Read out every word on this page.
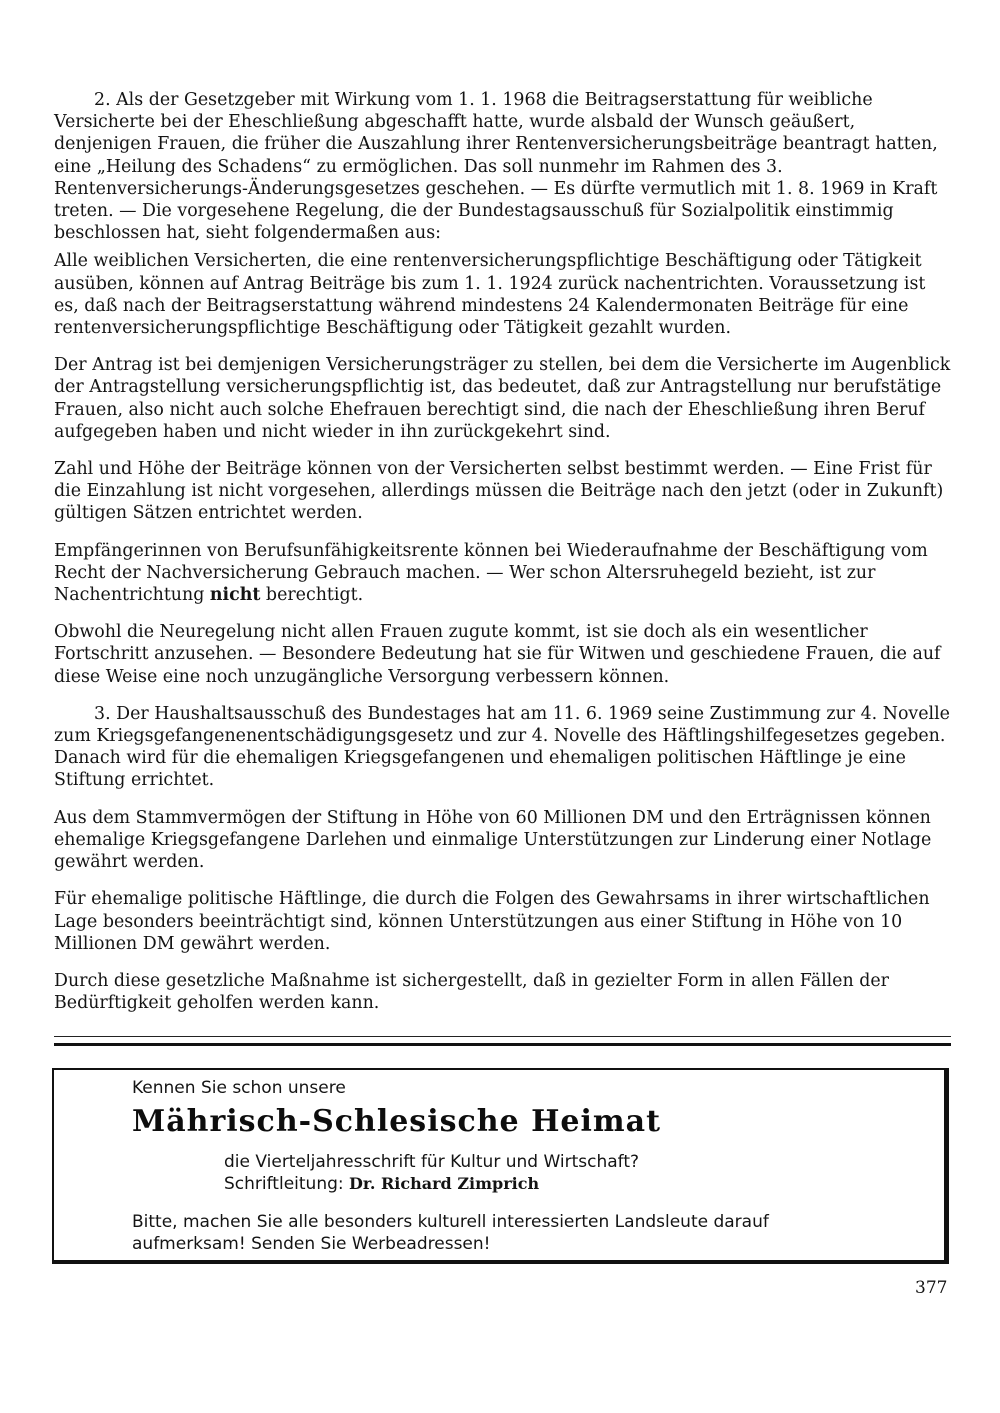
2. Als der Gesetzgeber mit Wirkung vom 1. 1. 1968 die Beitragserstattung für weibliche Versicherte bei der Eheschließung abgeschafft hatte, wurde alsbald der Wunsch geäußert, denjenigen Frauen, die früher die Auszahlung ihrer Rentenversicherungsbeiträge beantragt hatten, eine „Heilung des Schadens“ zu ermöglichen. Das soll nunmehr im Rahmen des 3. Rentenversicherungs-Änderungsgesetzes geschehen. — Es dürfte vermutlich mit 1. 8. 1969 in Kraft treten. — Die vorgesehene Regelung, die der Bundestagsausschuß für Sozialpolitik einstimmig beschlossen hat, sieht folgendermaßen aus:

Alle weiblichen Versicherten, die eine rentenversicherungspflichtige Beschäftigung oder Tätigkeit ausüben, können auf Antrag Beiträge bis zum 1. 1. 1924 zurück nachentrichten. Voraussetzung ist es, daß nach der Beitragserstattung während mindestens 24 Kalendermonaten Beiträge für eine rentenversicherungspflichtige Beschäftigung oder Tätigkeit gezahlt wurden.

Der Antrag ist bei demjenigen Versicherungsträger zu stellen, bei dem die Versicherte im Augenblick der Antragstellung versicherungspflichtig ist, das bedeutet, daß zur Antragstellung nur berufstätige Frauen, also nicht auch solche Ehefrauen berechtigt sind, die nach der Eheschließung ihren Beruf aufgegeben haben und nicht wieder in ihn zurückgekehrt sind.

Zahl und Höhe der Beiträge können von der Versicherten selbst bestimmt werden. — Eine Frist für die Einzahlung ist nicht vorgesehen, allerdings müssen die Beiträge nach den jetzt (oder in Zukunft) gültigen Sätzen entrichtet werden.

Empfängerinnen von Berufsunfähigkeitsrente können bei Wiederaufnahme der Beschäftigung vom Recht der Nachversicherung Gebrauch machen. — Wer schon Altersruhegeld bezieht, ist zur Nachentrichtung nicht berechtigt.

Obwohl die Neuregelung nicht allen Frauen zugute kommt, ist sie doch als ein wesentlicher Fortschritt anzusehen. — Besondere Bedeutung hat sie für Witwen und geschiedene Frauen, die auf diese Weise eine noch unzugängliche Versorgung verbessern können.

3. Der Haushaltsausschuß des Bundestages hat am 11. 6. 1969 seine Zustimmung zur 4. Novelle zum Kriegsgefangenenentschädigungsgesetz und zur 4. Novelle des Häftlingshilfegesetzes gegeben. Danach wird für die ehemaligen Kriegsgefangenen und ehemaligen politischen Häftlinge je eine Stiftung errichtet.

Aus dem Stammvermögen der Stiftung in Höhe von 60 Millionen DM und den Erträgnissen können ehemalige Kriegsgefangene Darlehen und einmalige Unterstützungen zur Linderung einer Notlage gewährt werden.

Für ehemalige politische Häftlinge, die durch die Folgen des Gewahrsams in ihrer wirtschaftlichen Lage besonders beeinträchtigt sind, können Unterstützungen aus einer Stiftung in Höhe von 10 Millionen DM gewährt werden.

Durch diese gesetzliche Maßnahme ist sichergestellt, daß in gezielter Form in allen Fällen der Bedürftigkeit geholfen werden kann.

Kennen Sie schon unsere
Mährisch-Schlesische Heimat
die Vierteljahresschrift für Kultur und Wirtschaft?
Schriftleitung: Dr. Richard Zimprich
Bitte, machen Sie alle besonders kulturell interessierten Landsleute darauf
aufmerksam! Senden Sie Werbeadressen!
377
